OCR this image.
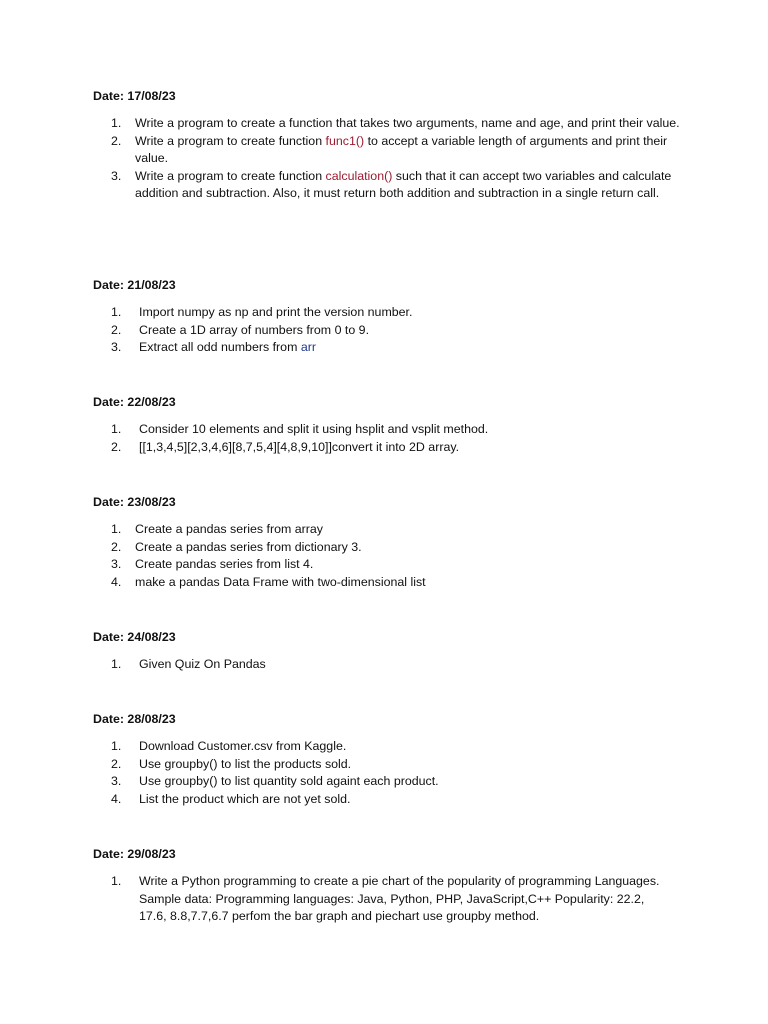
Date: 17/08/23
1. Write a program to create a function that takes two arguments, name and age, and print their value.
2. Write a program to create function func1() to accept a variable length of arguments and print their value.
3. Write a program to create function calculation() such that it can accept two variables and calculate addition and subtraction. Also, it must return both addition and subtraction in a single return call.
Date: 21/08/23
1. Import numpy as np and print the version number.
2. Create a 1D array of numbers from 0 to 9.
3. Extract all odd numbers from arr
Date: 22/08/23
1. Consider 10 elements and split it using hsplit and vsplit method.
2. [[1,3,4,5][2,3,4,6][8,7,5,4][4,8,9,10]]convert it into 2D array.
Date: 23/08/23
1. Create a pandas series from array
2. Create a pandas series from dictionary 3.
3. Create pandas series from list 4.
4. make a pandas Data Frame with two-dimensional list
Date: 24/08/23
1. Given Quiz On Pandas
Date: 28/08/23
1. Download Customer.csv from Kaggle.
2. Use groupby() to list the products sold.
3. Use groupby() to list quantity sold againt each product.
4. List the product which are not yet sold.
Date: 29/08/23
1. Write a Python programming to create a pie chart of the popularity of programming Languages. Sample data: Programming languages: Java, Python, PHP, JavaScript,C++ Popularity: 22.2, 17.6, 8.8,7.7,6.7 perfom the bar graph and piechart use groupby method.
